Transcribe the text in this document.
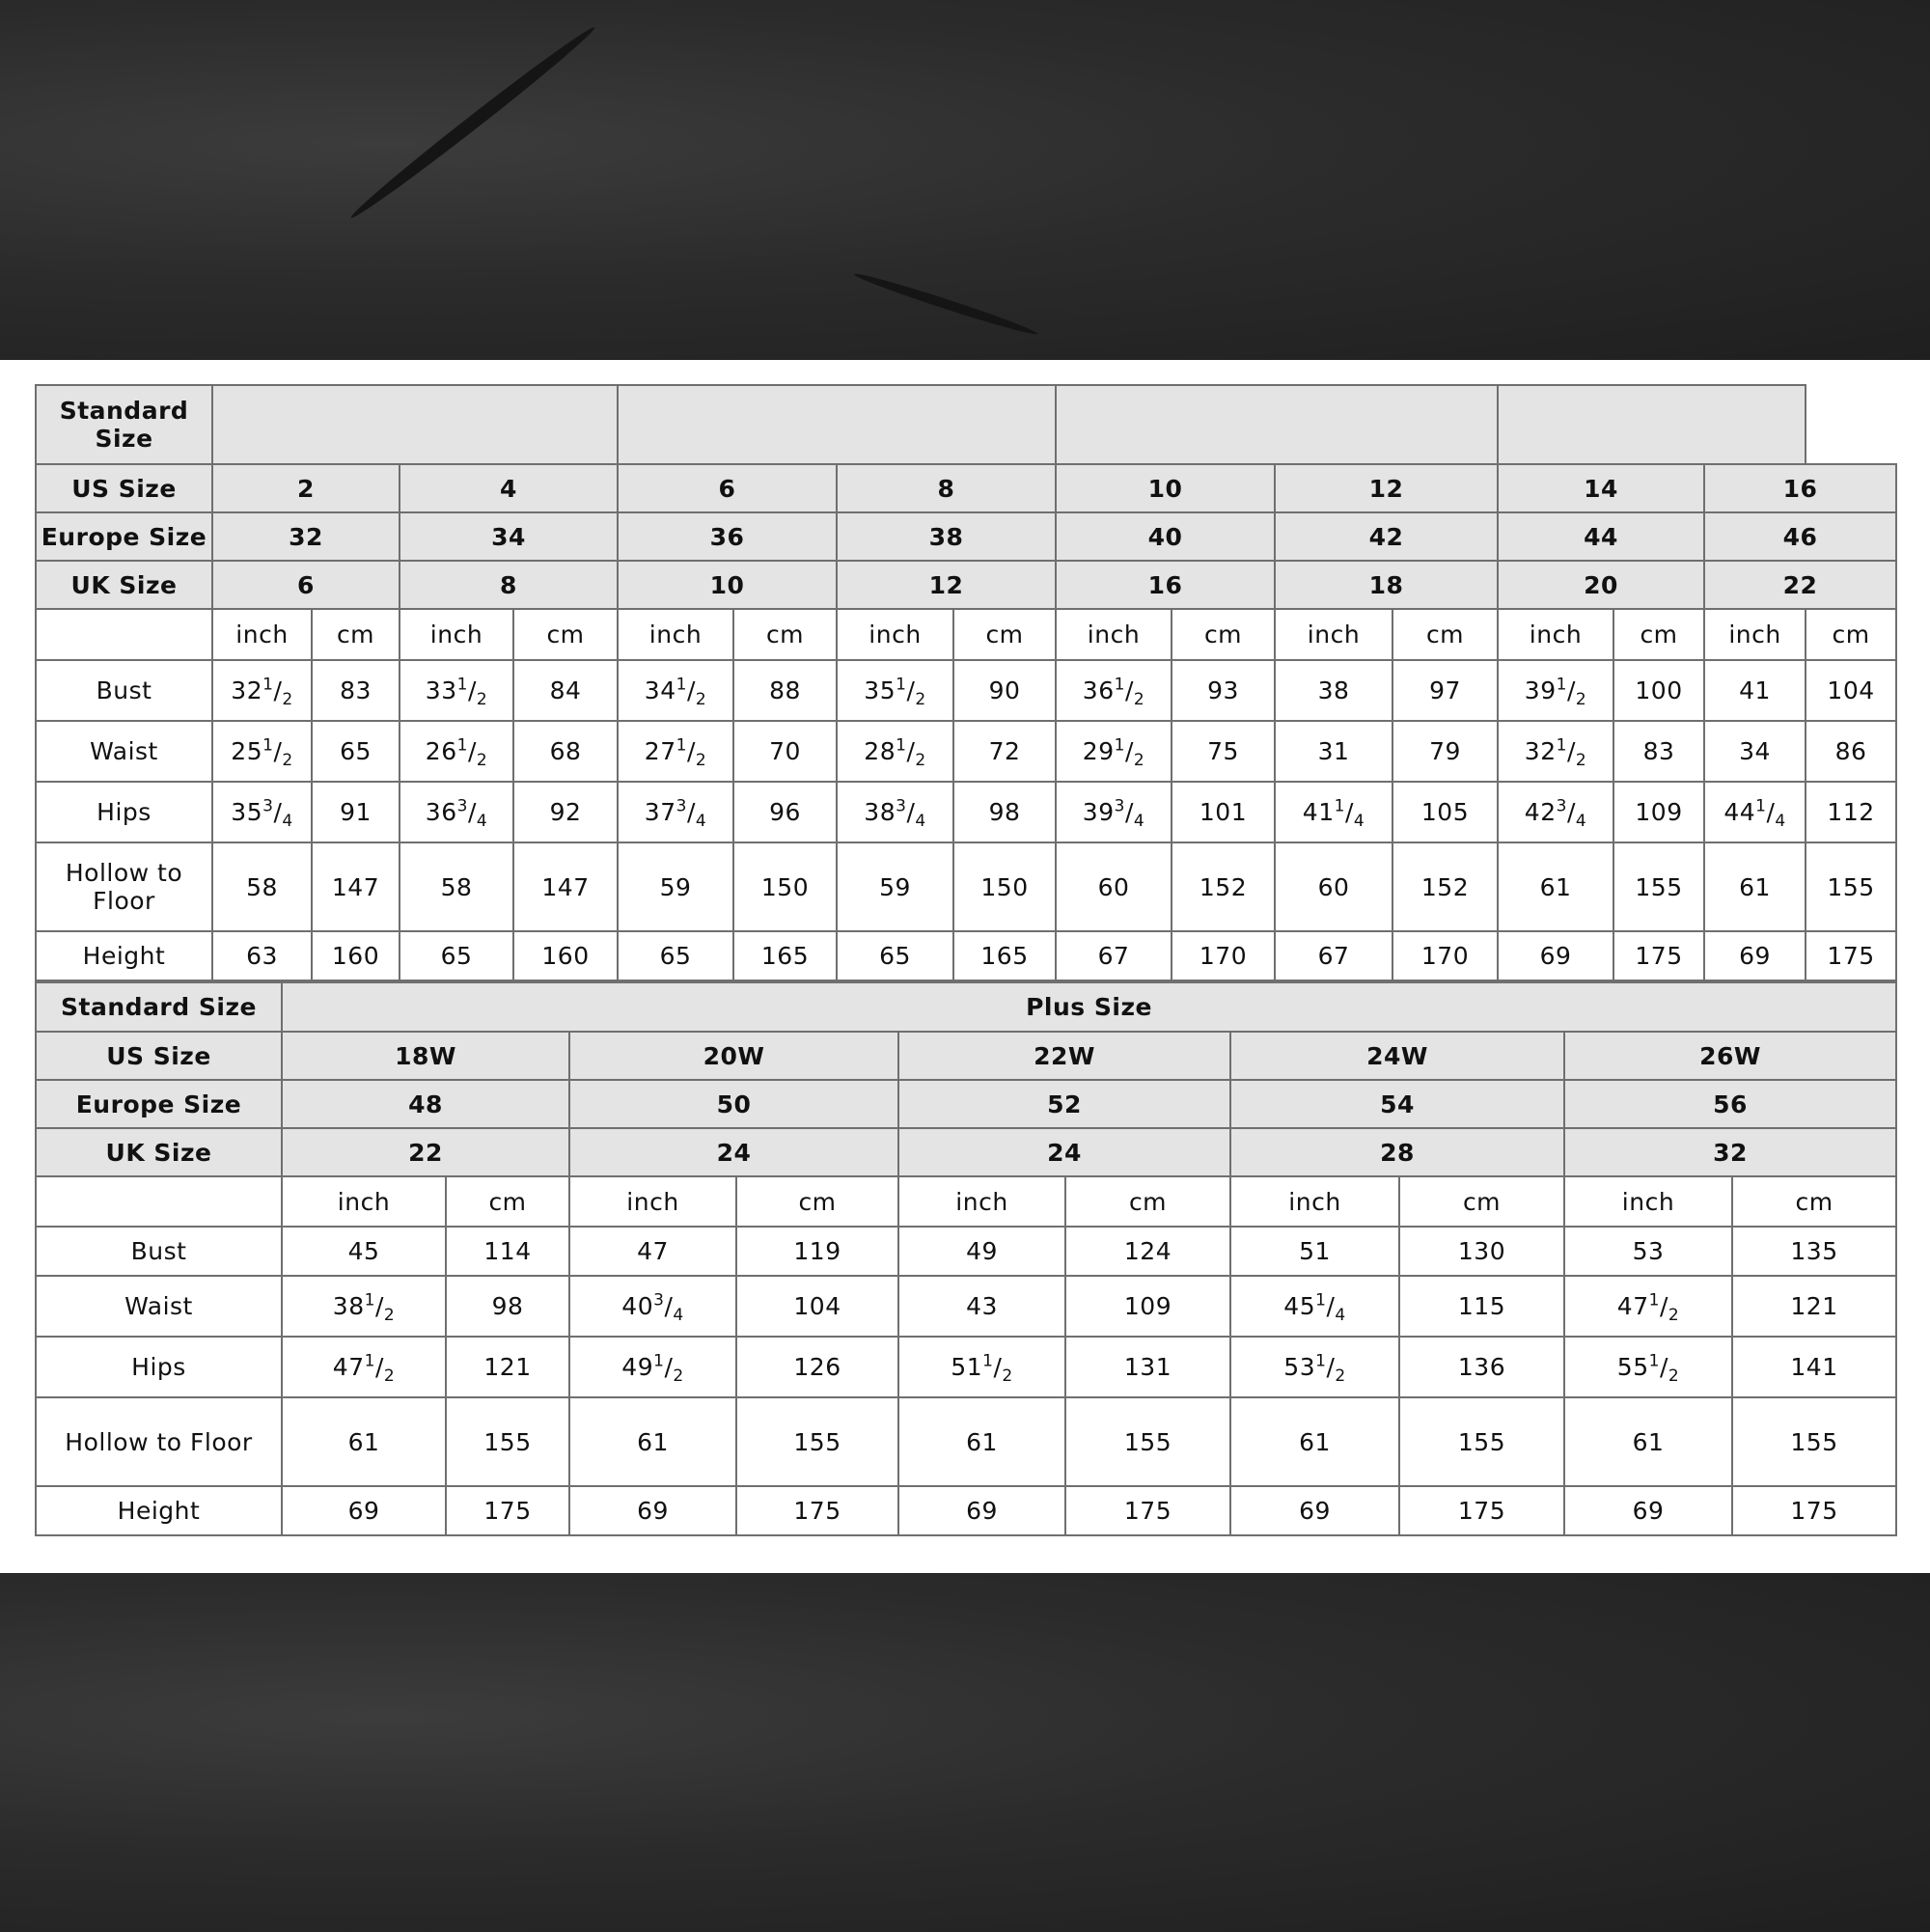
Standard Size																
US Size	2		4		6		8		10		12		14		16	
Europe Size	32		34		36		38		40		42		44		46	
UK Size	6		8		10		12		16		18		20		22	
	inch	cm	inch	cm	inch	cm	inch	cm	inch	cm	inch	cm	inch	cm	inch	cm
Bust	$32^1/_2$	83	$33^1/_2$	84	$34^1/_2$	88	$35^1/_2$	90	$36^1/_2$	93	38	97	$39^1/_2$	100	41	104
Waist	$25^1/_2$	65	$26^1/_2$	68	$27^1/_2$	70	$28^1/_2$	72	$29^1/_2$	75	31	79	$32^1/_2$	83	34	86
Hips	$35^3/_4$	91	$36^3/_4$	92	$37^3/_4$	96	$38^3/_4$	98	$39^3/_4$	101	$41^1/_4$	105	$42^3/_4$	109	$44^1/_4$	112
Hollow to Floor	58	147	58	147	59	150	59	150	60	152	60	152	61	155	61	155
Height	63	160	65	160	65	165	65	165	67	170	67	170	69	175	69	175
Standard Size	Plus Size									
US Size	18W		20W		22W		24W		26W	
Europe Size	48		50		52		54		56	
UK Size	22		24		24		28		32	
	inch	cm	inch	cm	inch	cm	inch	cm	inch	cm
Bust	45	114	47	119	49	124	51	130	53	135
Waist	$38^1/_2$	98	$40^3/_4$	104	43	109	$45^1/_4$	115	$47^1/_2$	121
Hips	$47^1/_2$	121	$49^1/_2$	126	$51^1/_2$	131	$53^1/_2$	136	$55^1/_2$	141
Hollow to Floor	61	155	61	155	61	155	61	155	61	155
Height	69	175	69	175	69	175	69	175	69	175
